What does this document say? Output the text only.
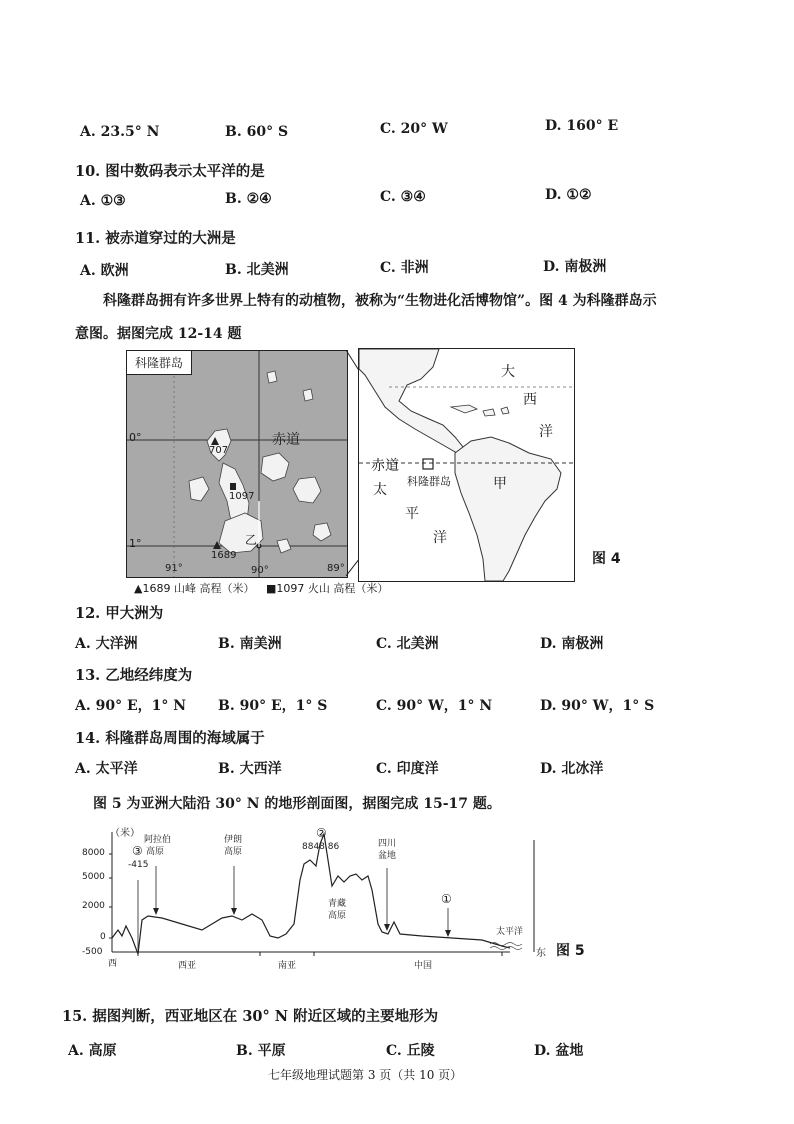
A. 23.5° N	B. 60° S	C. 20° W	D. 160° E
10. 图中数码表示太平洋的是
A. ①③	B. ②④	C. ③④	D. ①②
11. 被赤道穿过的大洲是
A. 欧洲	B. 北美洲	C. 非洲	D. 南极洲
科隆群岛拥有许多世界上特有的动植物，被称为“生物进化活博物馆”。图 4 为科隆群岛示
意图。据图完成 12-14 题
科隆群岛
0°
1°
赤道
707
1097
1689
乙
91°	90°	89°
大
西
洋
赤道
科隆群岛	甲
太
平
洋
图 4
▲1689 山峰 高程（米） ■1097 火山 高程（米）
12. 甲大洲为
A. 大洋洲	B. 南美洲	C. 北美洲	D. 南极洲
13. 乙地经纬度为
A. 90° E，1° N B. 90° E，1° S	C. 90° W，1° N	D. 90° W，1° S
14. 科隆群岛周围的海域属于
A. 太平洋	B. 大西洋	C. 印度洋	D. 北冰洋
图 5 为亚洲大陆沿 30° N 的地形剖面图，据图完成 15-17 题。
（米）
8000
5000
2000
0
-500
③
-415
阿拉伯
高原
伊朗
高原
②
8848.86	四川
盆地
青藏
高原
①
太平洋
西
东
西亚	南亚	中国
图 5
15. 据图判断，西亚地区在 30° N 附近区域的主要地形为
A. 高原	B. 平原	C. 丘陵	D. 盆地
七年级地理试题第 3 页（共 10 页）
